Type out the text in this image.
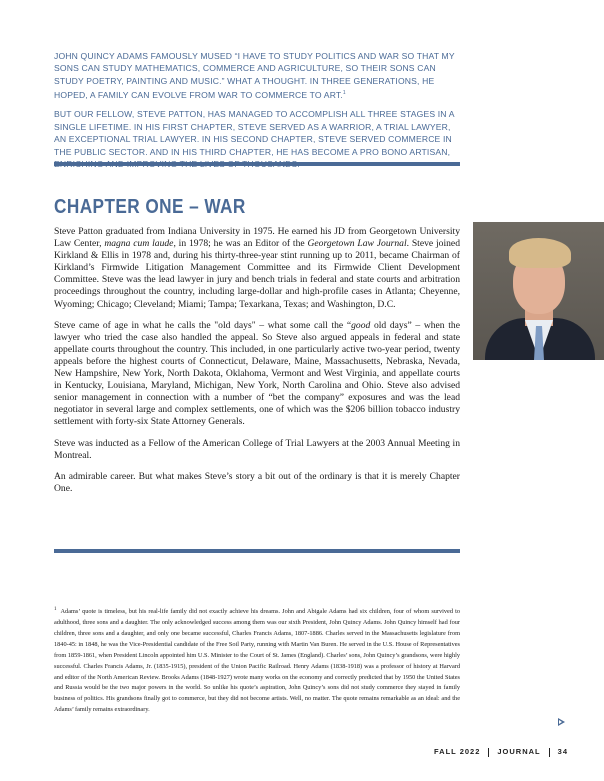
JOHN QUINCY ADAMS FAMOUSLY MUSED “I HAVE TO STUDY POLITICS AND WAR SO THAT MY SONS CAN STUDY MATHEMATICS, COMMERCE AND AGRICULTURE, SO THEIR SONS CAN STUDY POETRY, PAINTING AND MUSIC.” WHAT A THOUGHT. IN THREE GENERATIONS, HE HOPED, A FAMILY CAN EVOLVE FROM WAR TO COMMERCE TO ART.$^1$

BUT OUR FELLOW, STEVE PATTON, HAS MANAGED TO ACCOMPLISH ALL THREE STAGES IN A SINGLE LIFETIME. IN HIS FIRST CHAPTER, STEVE SERVED AS A WARRIOR, A TRIAL LAWYER, AN EXCEPTIONAL TRIAL LAWYER. IN HIS SECOND CHAPTER, STEVE SERVED COMMERCE IN THE PUBLIC SECTOR. AND IN HIS THIRD CHAPTER, HE HAS BECOME A PRO BONO ARTISAN,

CHAPTER ONE – WAR

Steve Patton graduated from Indiana University in 1975. He earned his JD from Georgetown University Law Center, magna cum laude, in 1978; he was an Editor of the Georgetown Law Journal. Steve joined Kirkland & Ellis in 1978 and, during his thirty-three-year stint running up to 2011, became Chairman of Kirkland’s Firmwide Litigation Management Committee and its Firmwide Client Development Committee. Steve was the lead lawyer in jury and bench trials in federal and state courts and arbitration proceedings throughout the country, including large-dollar and high-profile cases in Atlanta; Cheyenne, Wyoming; Chicago; Cleveland; Miami; Tampa; Texarkana, Texas; and Washington, D.C.

Steve came of age in what he calls the "old days" – what some call the “good old days” – when the lawyer who tried the case also handled the appeal. So Steve also argued appeals in federal and state appellate courts throughout the country. This included, in one particularly active two-year period, twenty appeals before the highest courts of Connecticut, Delaware, Maine, Massachusetts, Nebraska, Nevada, New Hampshire, New York, North Dakota, Oklahoma, Vermont and West Virginia, and appellate courts in Kentucky, Louisiana, Maryland, Michigan, New York, North Carolina and Ohio. Steve also advised senior management in connection with a number of “bet the company” exposures and was the lead negotiator in several large and complex settlements, one of which was the $206 billion tobacco industry settlement with forty-six State Attorney Generals.

Steve was inducted as a Fellow of the American College of Trial Lawyers at the 2003 Annual Meeting in Montreal.

An admirable career. But what makes Steve’s story a bit out of the ordinary is that it is merely Chapter One.

$^1$ Adams’ quote is timeless, but his real-life family did not exactly achieve his dreams. John and Abigale Adams had six children, four of whom survived to adulthood, three sons and a daughter. The only acknowledged success among them was our sixth President, John Quincy Adams. John Quincy himself had four children, three sons and a daughter, and only one became successful, Charles Francis Adams, 1807-1886. Charles served in the Massachusetts legislature from 1840-45: in 1848, he was the Vice-Presidential candidate of the Free Soil Party, running with Martin Van Buren. He served in the U.S. House of Representatives from 1859-1861, when President Lincoln appointed him U.S. Minister to the Court of St. James (England). Charles’ sons, John Quincy’s grandsons, were highly successful. Charles Francis Adams, Jr. (1835-1915), president of the Union Pacific Railroad. Henry Adams (1838-1918) was a professor of history at Harvard and editor of the North American Review. Brooks Adams (1848-1927) wrote many works on the economy and correctly predicted that by 1950 the United States and Russia would be the two major powers in the world. So unlike his quote’s aspiration, John Quincy’s sons did not study commerce they stayed in family business of politics. His grandsons finally got to commerce, but they did not become artists. Well, no matter. The quote remains remarkable as an ideal: and the Adams’ family remains extraordinary.
FALL 2022 JOURNAL 34
